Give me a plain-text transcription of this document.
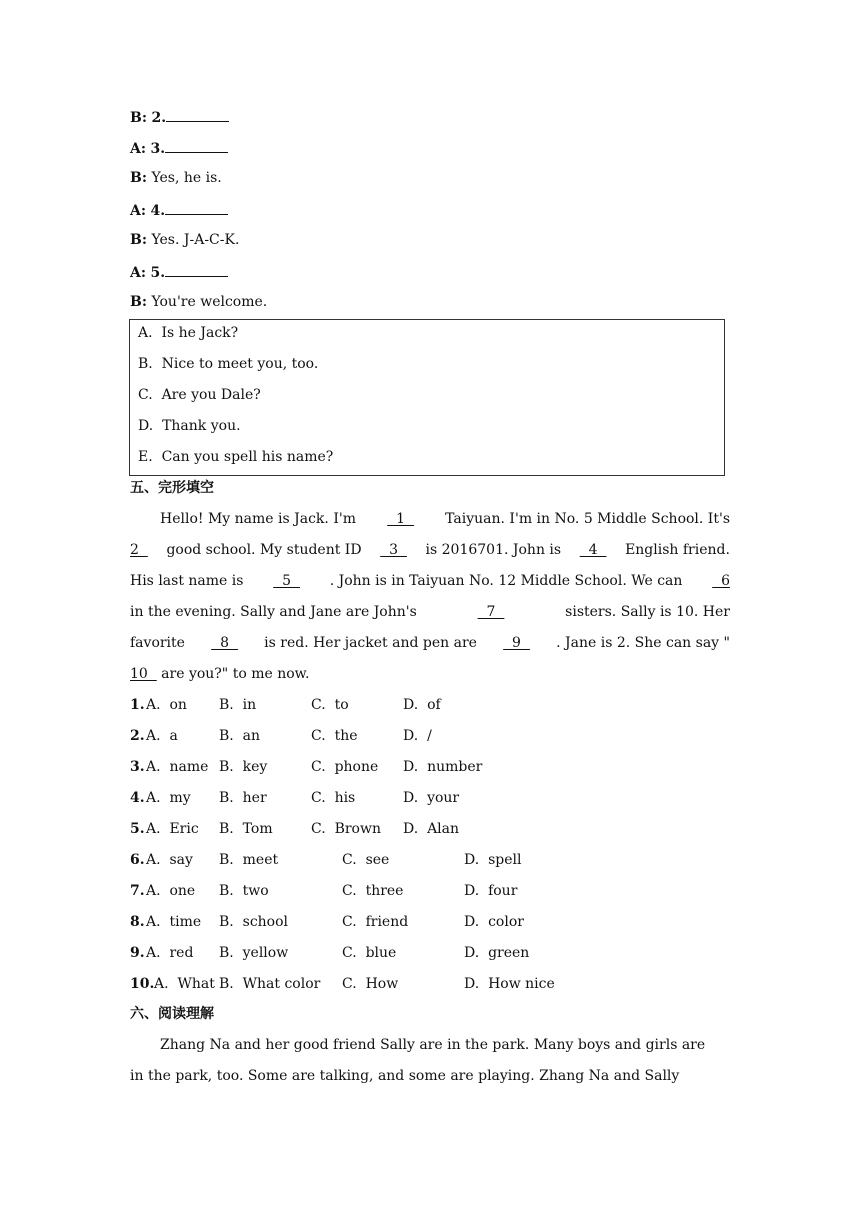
B: 2.
A: 3.
B: Yes, he is.
A: 4.
B: Yes. J-A-C-K.
A: 5.
B: You're welcome.
A.  Is he Jack?
B.  Nice to meet you, too.
C.  Are you Dale?
D.  Thank you.
E.  Can you spell his name?
五、完形填空
Hello! My name is Jack. I'm 1 Taiyuan. I'm in No. 5 Middle School. It's
2 good school. My student ID 3 is 2016701. John is 4 English friend.
His last name is 5 . John is in Taiyuan No. 12 Middle School. We can 6
in the evening. Sally and Jane are John's	7	sisters. Sally is 10. Her
favorite 8 is red. Her jacket and pen are 9 . Jane is 2. She can say "
10   are you?" to me now.
1. A.  on B.  in	C.  to	D.  of
2. A.  a	B.  an	C.  the	D.  /
3. A.  name B.  key	C.  phone D.  number
4. A.  my B.  her	C.  his	D.  your
5. A.  Eric B.  Tom	C.  Brown D.  Alan
6. A.  say B.  meet	C.  see	D.  spell
7. A.  one B.  two	C.  three	D.  four
8. A.  time B.  school	C.  friend	D.  color
9. A.  red B.  yellow	C.  blue	D.  green
10. A.  What B.  What color C.  How	D.  How nice
六、阅读理解
Zhang Na and her good friend Sally are in the park. Many boys and girls are
in the park, too. Some are talking, and some are playing. Zhang Na and Sally
